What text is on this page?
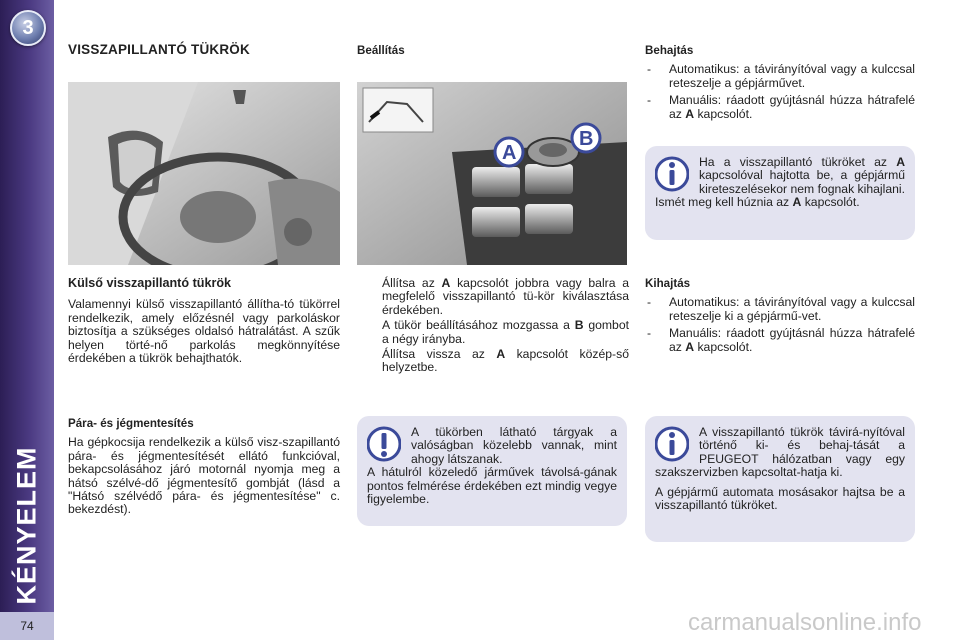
3
KÉNYELEM
74
VISSZAPILLANTÓ TÜKRÖK
Külső visszapillantó tükrök

Valamennyi külső visszapillantó állítha-tó tükörrel rendelkezik, amely előzésnél vagy parkoláskor biztosítja a szükséges oldalsó hátralátást. A szűk helyen törté-nő parkolás megkönnyítése érdekében a tükrök behajthatók.

Pára- és jégmentesítés

Ha gépkocsija rendelkezik a külső visz-szapillantó pára- és jégmentesítését ellátó funkcióval, bekapcsolásához járó motornál nyomja meg a hátsó szélvé-dő jégmentesítő gombját (lásd a "Hátsó szélvédő pára- és jégmentesítése" c. bekezdést).

Beállítás
A
B
Állítsa az A kapcsolót jobbra vagy balra a megfelelő visszapillantó tü-kör kiválasztása érdekében.
A tükör beállításához mozgassa a B gombot a négy irányba.
Állítsa vissza az A kapcsolót közép-ső helyzetbe.

A tükörben látható tárgyak a valóságban közelebb vannak, mint ahogy látszanak.

A hátulról közeledő járművek távolsá-gának pontos felmérése érdekében ezt mindig vegye figyelembe.

Behajtás
- Automatikus: a távirányítóval vagy a kulccsal reteszelje a gépjárművet.
- Manuális: ráadott gyújtásnál húzza hátrafelé az A kapcsolót.

Ha a visszapillantó tükröket az A kapcsolóval hajtotta be, a gépjármű kireteszelésekor nem fognak kihajlani. Ismét meg kell húznia az A kapcsolót.

Kihajtás
- Automatikus: a távirányítóval vagy a kulccsal reteszelje ki a gépjármű-vet.
- Manuális: ráadott gyújtásnál húzza hátrafelé az A kapcsolót.

A visszapillantó tükrök távirá-nyítóval történő ki- és behaj-tását a PEUGEOT hálózatban vagy egy szakszervizben kapcsoltat-hatja ki.

A gépjármű automata mosásakor hajtsa be a visszapillantó tükröket.

carmanualsonline.info
